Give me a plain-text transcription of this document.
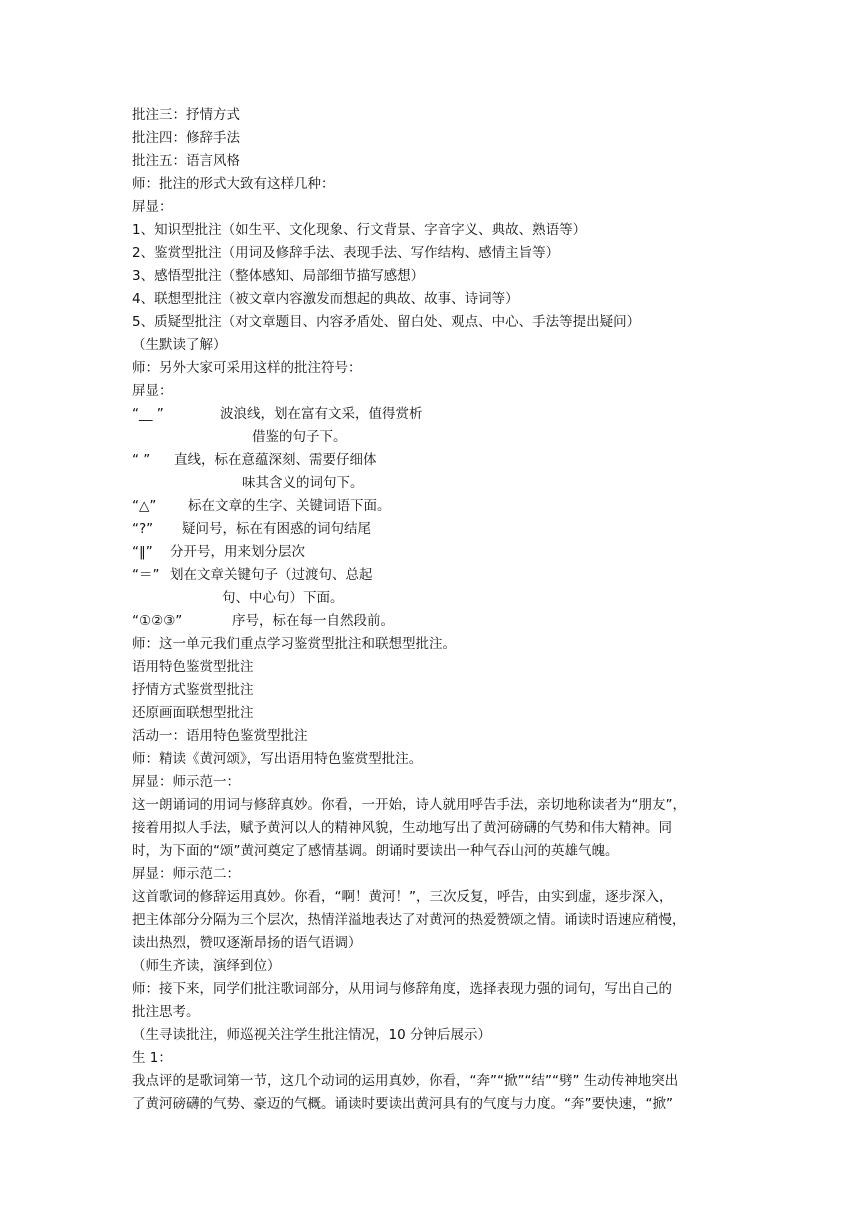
批注三：抒情方式
批注四：修辞手法
批注五：语言风格
师：批注的形式大致有这样几种：
屏显：
1、知识型批注（如生平、文化现象、行文背景、字音字义、典故、熟语等）
2、鉴赏型批注（用词及修辞手法、表现手法、写作结构、感情主旨等）
3、感悟型批注（整体感知、局部细节描写感想）
4、联想型批注（被文章内容激发而想起的典故、故事、诗词等）
5、质疑型批注（对文章题目、内容矛盾处、留白处、观点、中心、手法等提出疑问）
（生默读了解）
师：另外大家可采用这样的批注符号：
屏显：
“__ ”	波浪线，划在富有文采，值得赏析
借鉴的句子下。
“ ” 直线，标在意蕴深刻、需要仔细体
味其含义的词句下。
“△” 标在文章的生字、关键词语下面。
“?” 疑问号，标在有困惑的词句结尾
“‖” 分开号，用来划分层次
“＝” 划在文章关键句子（过渡句、总起
句、中心句）下面。
“①②③”	序号，标在每一自然段前。
师：这一单元我们重点学习鉴赏型批注和联想型批注。
语用特色鉴赏型批注
抒情方式鉴赏型批注
还原画面联想型批注
活动一：语用特色鉴赏型批注
师：精读《黄河颂》，写出语用特色鉴赏型批注。
屏显：师示范一：
这一朗诵词的用词与修辞真妙。你看，一开始，诗人就用呼告手法，亲切地称读者为“朋友”，
接着用拟人手法，赋予黄河以人的精神风貌，生动地写出了黄河磅礴的气势和伟大精神。同
时，为下面的“颂”黄河奠定了感情基调。朗诵时要读出一种气吞山河的英雄气魄。
屏显：师示范二：
这首歌词的修辞运用真妙。你看，“啊！黄河！”，三次反复，呼告，由实到虚，逐步深入，
把主体部分分隔为三个层次，热情洋溢地表达了对黄河的热爱赞颂之情。诵读时语速应稍慢，
读出热烈，赞叹逐渐昂扬的语气语调）
（师生齐读，演绎到位）
师：接下来，同学们批注歌词部分，从用词与修辞角度，选择表现力强的词句，写出自己的
批注思考。
（生寻读批注，师巡视关注学生批注情况，10 分钟后展示）
生 1：
我点评的是歌词第一节，这几个动词的运用真妙，你看，“奔”“掀”“结”“劈” 生动传神地突出
了黄河磅礴的气势、豪迈的气概。诵读时要读出黄河具有的气度与力度。“奔”要快速，“掀”
